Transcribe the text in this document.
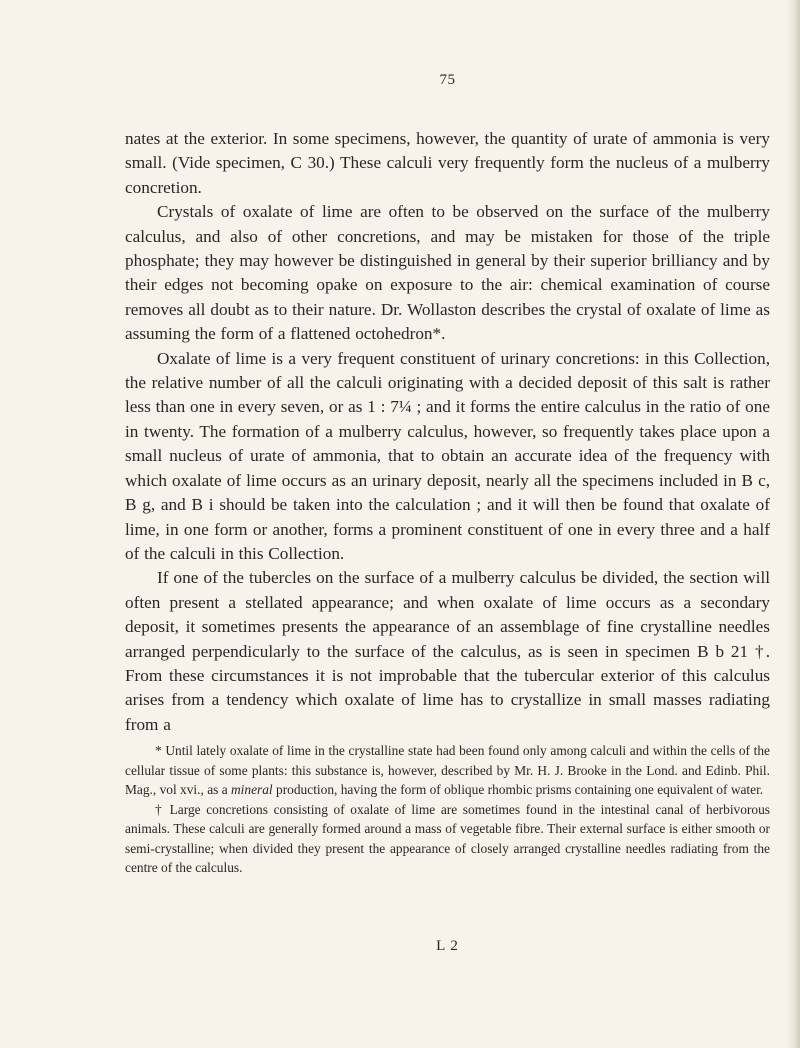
75

nates at the exterior. In some specimens, however, the quantity of urate of ammonia is very small. (Vide specimen, C 30.) These calculi very frequently form the nucleus of a mulberry concretion.

Crystals of oxalate of lime are often to be observed on the surface of the mulberry calculus, and also of other concretions, and may be mistaken for those of the triple phosphate; they may however be distinguished in general by their superior brilliancy and by their edges not becoming opake on exposure to the air: chemical examination of course removes all doubt as to their nature. Dr. Wollaston describes the crystal of oxalate of lime as assuming the form of a flattened octohedron*.

Oxalate of lime is a very frequent constituent of urinary concretions: in this Collection, the relative number of all the calculi originating with a decided deposit of this salt is rather less than one in every seven, or as 1 : 7¼ ; and it forms the entire calculus in the ratio of one in twenty. The formation of a mulberry calculus, however, so frequently takes place upon a small nucleus of urate of ammonia, that to obtain an accurate idea of the frequency with which oxalate of lime occurs as an urinary deposit, nearly all the specimens included in B c, B g, and B i should be taken into the calculation ; and it will then be found that oxalate of lime, in one form or another, forms a prominent constituent of one in every three and a half of the calculi in this Collection.

If one of the tubercles on the surface of a mulberry calculus be divided, the section will often present a stellated appearance; and when oxalate of lime occurs as a secondary deposit, it sometimes presents the appearance of an assemblage of fine crystalline needles arranged perpendicularly to the surface of the calculus, as is seen in specimen B b 21 †. From these circumstances it is not improbable that the tubercular exterior of this calculus arises from a tendency which oxalate of lime has to crystallize in small masses radiating from a

* Until lately oxalate of lime in the crystalline state had been found only among calculi and within the cells of the cellular tissue of some plants: this substance is, however, described by Mr. H. J. Brooke in the Lond. and Edinb. Phil. Mag., vol xvi., as a mineral production, having the form of oblique rhombic prisms containing one equivalent of water.

† Large concretions consisting of oxalate of lime are sometimes found in the intestinal canal of herbivorous animals. These calculi are generally formed around a mass of vegetable fibre. Their external surface is either smooth or semi-crystalline; when divided they present the appearance of closely arranged crystalline needles radiating from the centre of the calculus.

L 2
